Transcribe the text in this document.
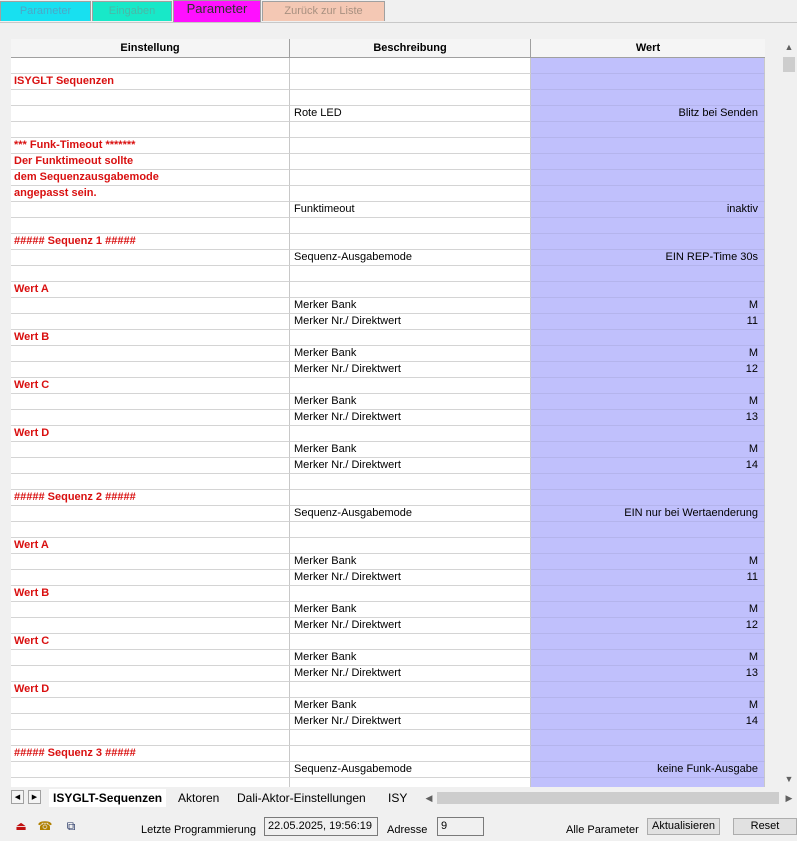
Parameter	Eingaben	Parameter	Zurück zur Liste
Einstellung	Beschreibung	Wert
ISYGLT Sequenzen
Rote LED	Blitz bei Senden
*** Funk-Timeout *******
Der Funktimeout sollte
dem Sequenzausgabemode
angepasst sein.
Funktimeout	inaktiv
##### Sequenz 1 #####
Sequenz-Ausgabemode	EIN REP-Time 30s
Wert A
Merker Bank	M
Merker Nr./ Direktwert	11
Wert B
Merker Bank	M
Merker Nr./ Direktwert	12
Wert C
Merker Bank	M
Merker Nr./ Direktwert	13
Wert D
Merker Bank	M
Merker Nr./ Direktwert	14
##### Sequenz 2 #####
Sequenz-Ausgabemode	EIN nur bei Wertaenderung
Wert A
Merker Bank	M
Merker Nr./ Direktwert	11
Wert B
Merker Bank	M
Merker Nr./ Direktwert	12
Wert C
Merker Bank	M
Merker Nr./ Direktwert	13
Wert D
Merker Bank	M
Merker Nr./ Direktwert	14
##### Sequenz 3 #####
Sequenz-Ausgabemode	keine Funk-Ausgabe
▲
▼
◀	▶	ISYGLT-Sequenzen	Aktoren	Dali-Aktor-Einstellungen	ISY	◀	▶
⏏ ☎	⧉	Letzte Programmierung	22.05.2025, 19:56:19	Adresse	9	Alle Parameter	Aktualisieren	Reset
